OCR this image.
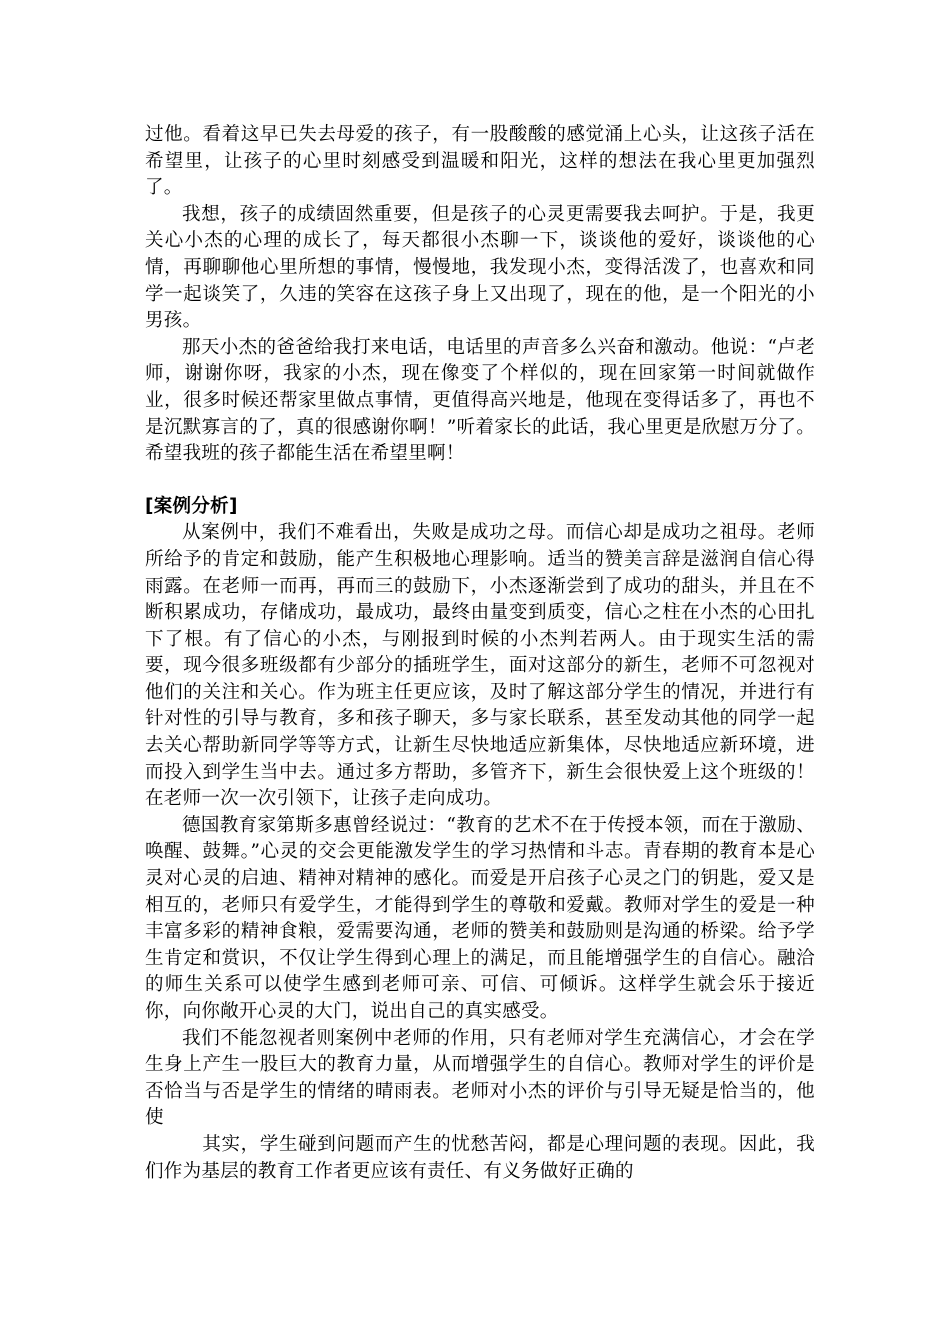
过他。看着这早已失去母爱的孩子，有一股酸酸的感觉涌上心头，让这孩子活在希望里，让孩子的心里时刻感受到温暖和阳光，这样的想法在我心里更加强烈了。

我想，孩子的成绩固然重要，但是孩子的心灵更需要我去呵护。于是，我更关心小杰的心理的成长了，每天都很小杰聊一下，谈谈他的爱好，谈谈他的心情，再聊聊他心里所想的事情，慢慢地，我发现小杰，变得活泼了，也喜欢和同学一起谈笑了，久违的笑容在这孩子身上又出现了，现在的他，是一个阳光的小男孩。

那天小杰的爸爸给我打来电话，电话里的声音多么兴奋和激动。他说：“卢老师，谢谢你呀，我家的小杰，现在像变了个样似的，现在回家第一时间就做作业，很多时候还帮家里做点事情，更值得高兴地是，他现在变得话多了，再也不是沉默寡言的了，真的很感谢你啊！”听着家长的此话，我心里更是欣慰万分了。希望我班的孩子都能生活在希望里啊！

[案例分析]

从案例中，我们不难看出，失败是成功之母。而信心却是成功之祖母。老师所给予的肯定和鼓励，能产生积极地心理影响。适当的赞美言辞是滋润自信心得雨露。在老师一而再，再而三的鼓励下，小杰逐渐尝到了成功的甜头，并且在不断积累成功，存储成功，最成功，最终由量变到质变，信心之柱在小杰的心田扎下了根。有了信心的小杰，与刚报到时候的小杰判若两人。由于现实生活的需要，现今很多班级都有少部分的插班学生，面对这部分的新生，老师不可忽视对他们的关注和关心。作为班主任更应该，及时了解这部分学生的情况，并进行有针对性的引导与教育，多和孩子聊天，多与家长联系，甚至发动其他的同学一起去关心帮助新同学等等方式，让新生尽快地适应新集体，尽快地适应新环境，进而投入到学生当中去。通过多方帮助，多管齐下，新生会很快爱上这个班级的！在老师一次一次引领下，让孩子走向成功。

德国教育家第斯多惠曾经说过：“教育的艺术不在于传授本领，而在于激励、唤醒、鼓舞。”心灵的交会更能激发学生的学习热情和斗志。青春期的教育本是心灵对心灵的启迪、精神对精神的感化。而爱是开启孩子心灵之门的钥匙，爱又是相互的，老师只有爱学生，才能得到学生的尊敬和爱戴。教师对学生的爱是一种丰富多彩的精神食粮，爱需要沟通，老师的赞美和鼓励则是沟通的桥梁。给予学生肯定和赏识，不仅让学生得到心理上的满足，而且能增强学生的自信心。融洽的师生关系可以使学生感到老师可亲、可信、可倾诉。这样学生就会乐于接近你，向你敞开心灵的大门，说出自己的真实感受。

我们不能忽视者则案例中老师的作用，只有老师对学生充满信心，才会在学生身上产生一股巨大的教育力量，从而增强学生的自信心。教师对学生的评价是否恰当与否是学生的情绪的晴雨表。老师对小杰的评价与引导无疑是恰当的，他使

其实，学生碰到问题而产生的忧愁苦闷，都是心理问题的表现。因此，我们作为基层的教育工作者更应该有责任、有义务做好正确的
